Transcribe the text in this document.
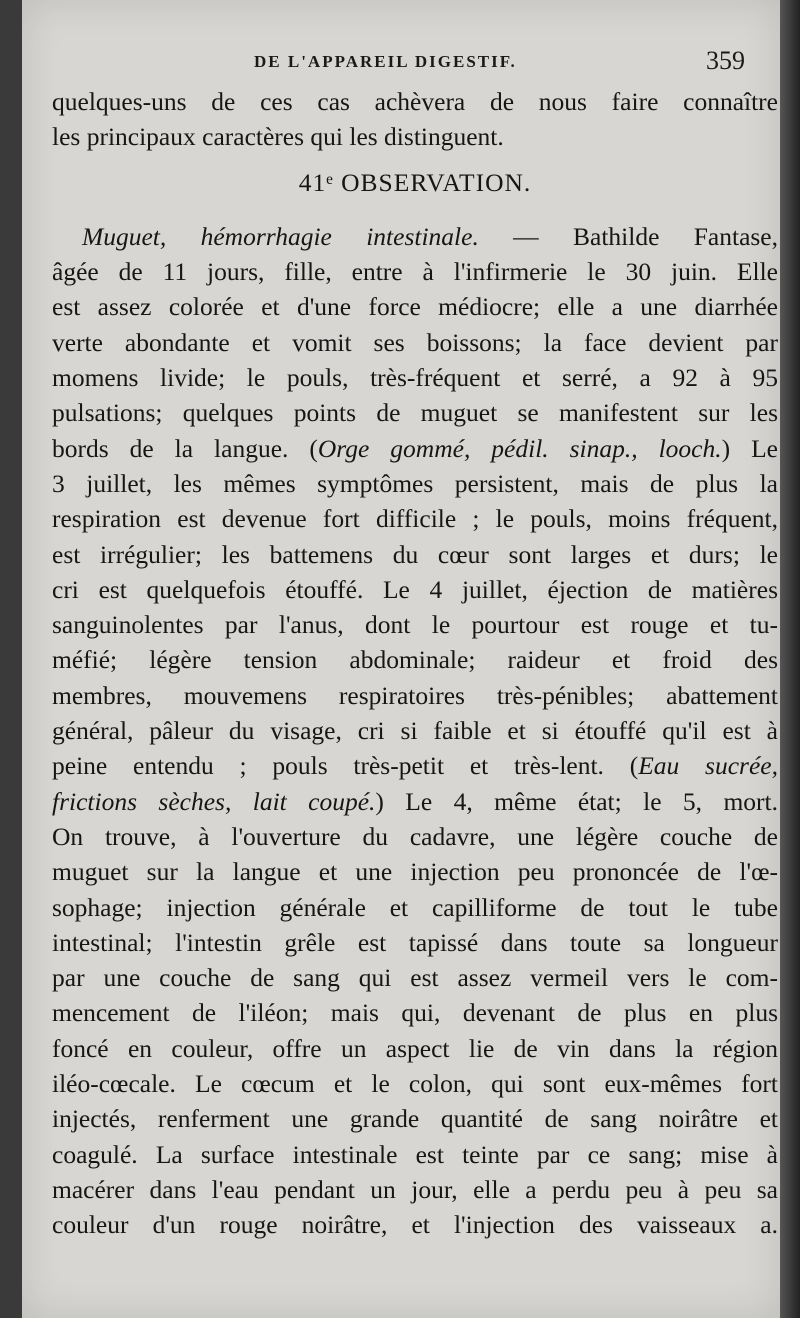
DE L'APPAREIL DIGESTIF.	359
quelques-uns de ces cas achèvera de nous faire connaître
les principaux caractères qui les distinguent.
41ᵉ OBSERVATION.
Muguet, hémorrhagie intestinale. — Bathilde Fantase,
âgée de 11 jours, fille, entre à l'infirmerie le 30 juin. Elle
est assez colorée et d'une force médiocre; elle a une diarrhée
verte abondante et vomit ses boissons; la face devient par
momens livide; le pouls, très-fréquent et serré, a 92 à 95
pulsations; quelques points de muguet se manifestent sur les
bords de la langue. (Orge gommé, pédil. sinap., looch.) Le
3 juillet, les mêmes symptômes persistent, mais de plus la
respiration est devenue fort difficile ; le pouls, moins fréquent,
est irrégulier; les battemens du cœur sont larges et durs; le
cri est quelquefois étouffé. Le 4 juillet, éjection de matières
sanguinolentes par l'anus, dont le pourtour est rouge et tu-
méfié; légère tension abdominale; raideur et froid des
membres, mouvemens respiratoires très-pénibles; abattement
général, pâleur du visage, cri si faible et si étouffé qu'il est à
peine entendu ; pouls très-petit et très-lent. (Eau sucrée,
frictions sèches, lait coupé.) Le 4, même état; le 5, mort.
On trouve, à l'ouverture du cadavre, une légère couche de
muguet sur la langue et une injection peu prononcée de l'œ-
sophage; injection générale et capilliforme de tout le tube
intestinal; l'intestin grêle est tapissé dans toute sa longueur
par une couche de sang qui est assez vermeil vers le com-
mencement de l'iléon; mais qui, devenant de plus en plus
foncé en couleur, offre un aspect lie de vin dans la région
iléo-cœcale. Le cœcum et le colon, qui sont eux-mêmes fort
injectés, renferment une grande quantité de sang noirâtre et
coagulé. La surface intestinale est teinte par ce sang; mise à
macérer dans l'eau pendant un jour, elle a perdu peu à peu sa
couleur d'un rouge noirâtre, et l'injection des vaisseaux a.
